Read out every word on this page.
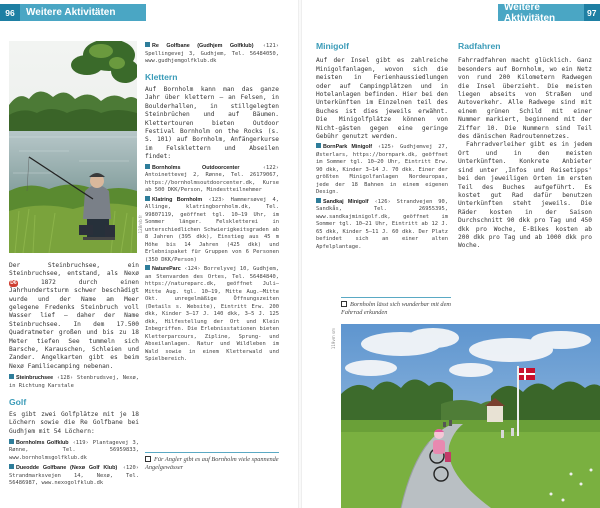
96	Weitere Aktivitäten	Weitere Aktivitäten	97
128mb fr

Der Steinbruchsee, ein Steinbruchsee, entstand, als Nexø D6	1872 durch einen Jahrhundertsturm schwer beschädigt wurde und der Name am Meer gelegene Fredenks Steinbruch voll Wasser lief – daher der Name Steinbruchsee. In dem 17.500 Quadratmeter großen und bis zu 18 Meter tiefen See tummeln sich Barsche, Karauschen, Schleien und Zander. Angelkarten gibt es beim Nexø Familiecamping nebenan.

Steinbruchsee ‹128› Stenbrudsvej, Nexø, in Richtung Karstale

Golf

Es gibt zwei Golfplätze mit je 18 Löchern sowie die Re Golfbane bei Gudhjem mit 54 Löchern:

Bornholms Golfklub ‹119› Plantagevej 3, Rønne, Tel. 56959833, www.bornholmsgolfklub.dk

Dueodde Golfbane (Nexø Golf Klub) ‹120› Strandmarksvejen 14, Nexø, Tel. 56486987, www.nexogolfklub.dk

Re Golfbane (Gudhjem Golfklub) ‹121› Spellingevej 3, Gudhjem, Tel. 56484050, www.gudhjemgolfklub.dk

Klettern

Auf Bornholm kann man das ganze Jahr über klettern – an Felsen, in Boulderhallen, in stillgelegten Steinbrüchen und auf Bäumen. Klettertouren bieten Outdoor Festival Bornholm on the Rocks (s. S. 101) auf Bornholm, Anfängerkurse im Felsklettern und Abseilen findet:

Bornholms Outdoorcenter	‹122› Antoinettevej 2, Rønne, Tel. 26179067, https://bornholmsoutdoorcenter.dk, Kurse ab 500 DKK/Person, Mindestteilnehmer

Klatring Bornholm ‹123› Hammersøvej 4, Allinge, klatringbornholm.dk, Tel. 99807119, geöffnet tgl. 10–19 Uhr, im Sommer länger. Felskletterei in unterschiedlichen Schwierigkeitsgraden ab 8 Jahren (395 dkk), Einstieg aus 45 m Höhe bis 14 Jahren (425 dkk) und Erlebnispaket für Gruppen von 6 Personen (350 DKK/Person)

NatureParc ‹124› Borrelyvej 10, Gudhjem, an Stenvarden des Ortes, Tel. 56484840, https://natureparc.dk, geöffnet Juli–Mitte Aug. tgl. 10–19, Mitte Aug.–Mitte Okt. unregelmäßige Öffnungszeiten (Details s. Website), Eintritt Erw. 200 dkk, Kinder 3–17 J. 140 dkk, 3–5 J. 125 dkk, Hilfestellung der Ort und Klein Inbegriffen. Die Erlebnisstationen bieten Kletterparcours, Zipline, Sprung- und Abseilanlagen. Natur und Wildleben im Wald sowie in einem Kletterwald und Spielbereich.

Für Angler gibt es auf Bornholm viele spannende Angelgewässer
Minigolf

Auf der Insel gibt es zahlreiche Minigolfanlagen, wovon sich die meisten in Ferienhaussiedlungen oder auf Campingplätzen und in Hotelanlagen befinden. Hier bei den Unterkünften im Einzelnen teil des Buches ist dies jeweils erwähnt. Die Minigolfplätze können von Nicht-gästen gegen eine geringe Gebühr genutzt werden.

BornPark Minigolf ‹125› Gudhjemvej 27, Østerlars, https://bornpark.dk, geöffnet im Sommer tgl. 10–20 Uhr, Eintritt Erw. 90 dkk, Kinder 3–14 J. 70 dkk. Einer der größten Minigolfanlagen Nordeuropas, jede der 18 Bahnen in einem eigenen Design.

Sandkaj Minigolf ‹126› Strandvejen 90, Sandkås, Tel. 26955395, www.sandkajminigolf.dk, geöffnet im Sommer tgl. 10–21 Uhr, Eintritt ab 12 J. 65 dkk, Kinder 5–11 J. 60 dkk. Der Platz befindet sich an einer alten Apfelplantage.

Bornholm lässt sich wunderbar mit dem Fahrrad erkunden
Radfahren

Fahrradfahren macht glücklich. Ganz besonders auf Bornholm, wo ein Netz von rund 200 Kilometern Radwegen die Insel überzieht. Die meisten liegen abseits von Straßen und Autoverkehr. Alle Radwege sind mit einem grünen Schild mit einer Nummer markiert, beginnend mit der Ziffer 10. Die Nummern sind Teil des dänischen Radroutennetzes.

Fahrradverleiher gibt es in jedem Ort und in den meisten Unterkünften. Konkrete Anbieter sind unter ‚Infos und Reisetipps' bei den jeweiligen Orten im ersten Teil des Buches aufgeführt. Es kostet gut Rad dafür benutzen Unterkünften steht jeweils. Die Räder kosten in der Saison Durchschnitt 90 dkk pro Tag und 450 dkk pro Woche, E-Bikes kosten ab 200 dkk pro Tag und ab 1000 dkk pro Woche.

119vm sm
